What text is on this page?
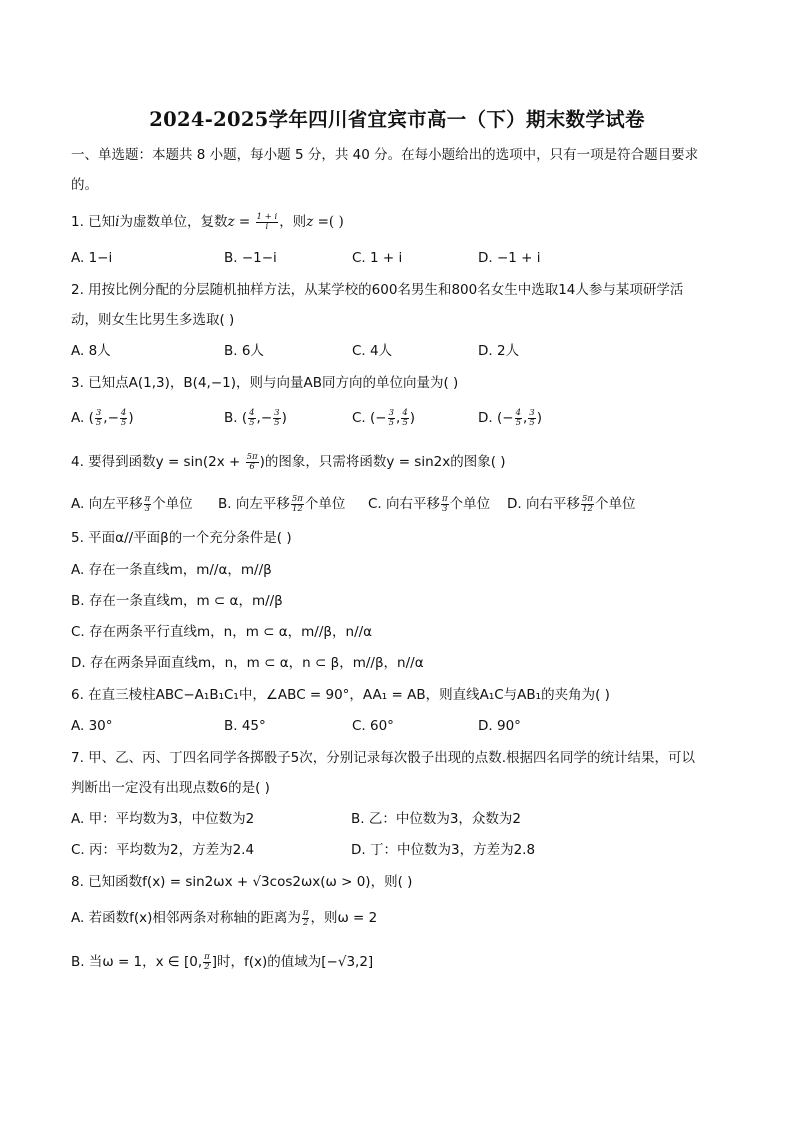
2024-2025学年四川省宜宾市高一（下）期末数学试卷
一、单选题：本题共 8 小题，每小题 5 分，共 40 分。在每小题给出的选项中，只有一项是符合题目要求
的。
1. 已知i为虚数单位，复数$z = \frac{1 + i}{i}$ ，则z =( )
A. 1−i	B. −1−i	C. 1 + i	D. −1 + i
2. 用按比例分配的分层随机抽样方法，从某学校的600名男生和800名女生中选取14人参与某项研学活
动，则女生比男生多选取( )
A. 8人	B. 6人	C. 4人	D. 2人
3. 已知点A(1,3)，B(4,−1)，则与向量AB同方向的单位向量为( )
A. ( $\frac{3}{5}$ ,− $\frac{4}{5}$ )	B. ( $\frac{4}{5}$ ,− $\frac{3}{5}$ )	C. (− $\frac{3}{5}$ , $\frac{4}{5}$ )	D. (− $\frac{4}{5}$ , $\frac{3}{5}$ )
4. 要得到函数$y = \sin(2x + \frac{5\pi}{6}$ )的图象，只需将函数y = sin2x的图象( )
A. 向左平移 $\frac{\pi}{3}$ 个单位 B. 向左平移 $\frac{5\pi}{12}$ 个单位 C. 向右平移 $\frac{\pi}{3}$ 个单位 D. 向右平移 $\frac{5\pi}{12}$ 个单位
5. 平面α//平面β的一个充分条件是( )
A. 存在一条直线m，m//α，m//β
B. 存在一条直线m，m ⊂ α，m//β
C. 存在两条平行直线m，n，m ⊂ α，m//β，n//α
D. 存在两条异面直线m，n，m ⊂ α，n ⊂ β，m//β，n//α
6. 在直三棱柱ABC−A₁B₁C₁中，∠ABC = 90°，AA₁ = AB，则直线A₁C与AB₁的夹角为( )
A. 30°	B. 45°	C. 60°	D. 90°
7. 甲、乙、丙、丁四名同学各掷骰子5次，分别记录每次骰子出现的点数.根据四名同学的统计结果，可以
判断出一定没有出现点数6的是( )
A. 甲：平均数为3，中位数为2	B. 乙：中位数为3，众数为2
C. 丙：平均数为2，方差为2.4	D. 丁：中位数为3，方差为2.8
8. 已知函数f(x) = sin2ωx + √3cos2ωx(ω > 0)，则( )
A. 若函数f(x)相邻两条对称轴的距离为 $\frac{\pi}{2}$ ，则ω = 2
B. 当ω = 1，x ∈ [0, $\frac{\pi}{2}$ ]时，f(x)的值域为[−√3,2]
